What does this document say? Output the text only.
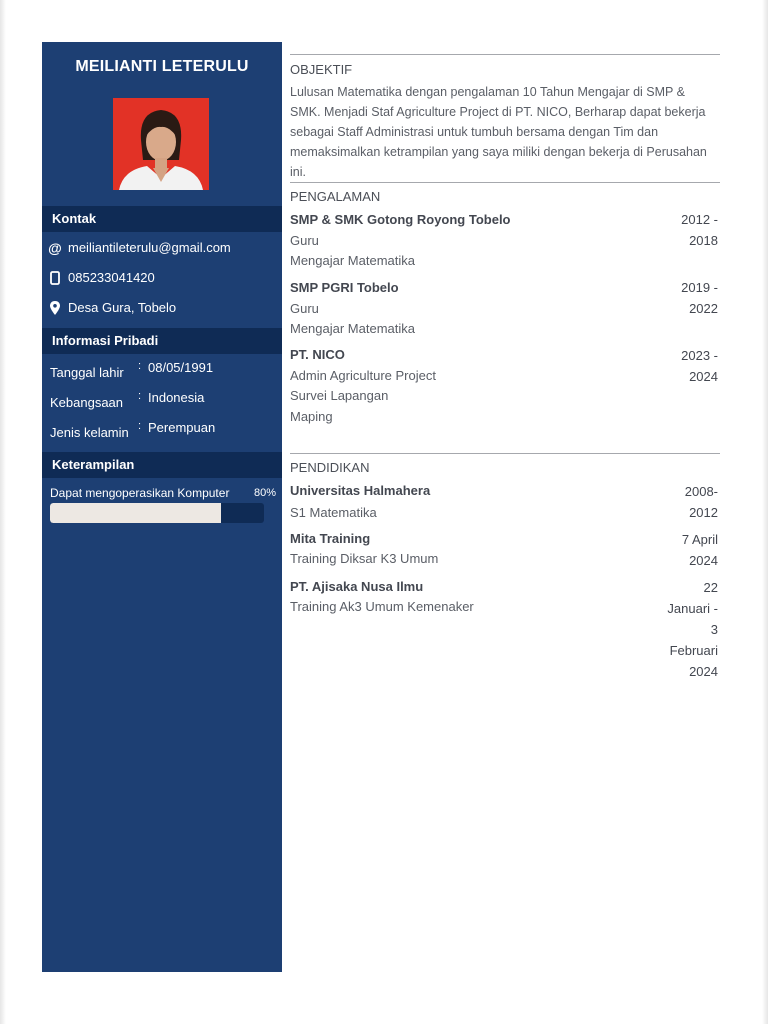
MEILIANTI LETERULU
Kontak
@ meiliantileterulu@gmail.com
085233041420
Desa Gura, Tobelo
Informasi Pribadi
Tanggal lahir : 08/05/1991
Kebangsaan : Indonesia
Jenis kelamin : Perempuan
Keterampilan
Dapat mengoperasikan Komputer 80%
OBJEKTIF
Lulusan Matematika dengan pengalaman 10 Tahun Mengajar di SMP & SMK. Menjadi Staf Agriculture Project di PT. NICO, Berharap dapat bekerja sebagai Staff Administrasi untuk tumbuh bersama dengan Tim dan memaksimalkan ketrampilan yang saya miliki dengan bekerja di Perusahan ini.
PENGALAMAN
SMP & SMK Gotong Royong Tobelo
Guru
Mengajar Matematika
2012 -
2018
SMP PGRI Tobelo
Guru
Mengajar Matematika
2019 -
2022
PT. NICO
Admin Agriculture Project
Survei Lapangan
Maping
2023 -
2024
PENDIDIKAN
Universitas Halmahera
S1 Matematika
2008-
2012
Mita Training
Training Diksar K3 Umum
7 April
2024
PT. Ajisaka Nusa Ilmu
Training Ak3 Umum Kemenaker
22
Januari -
3
Februari
2024
